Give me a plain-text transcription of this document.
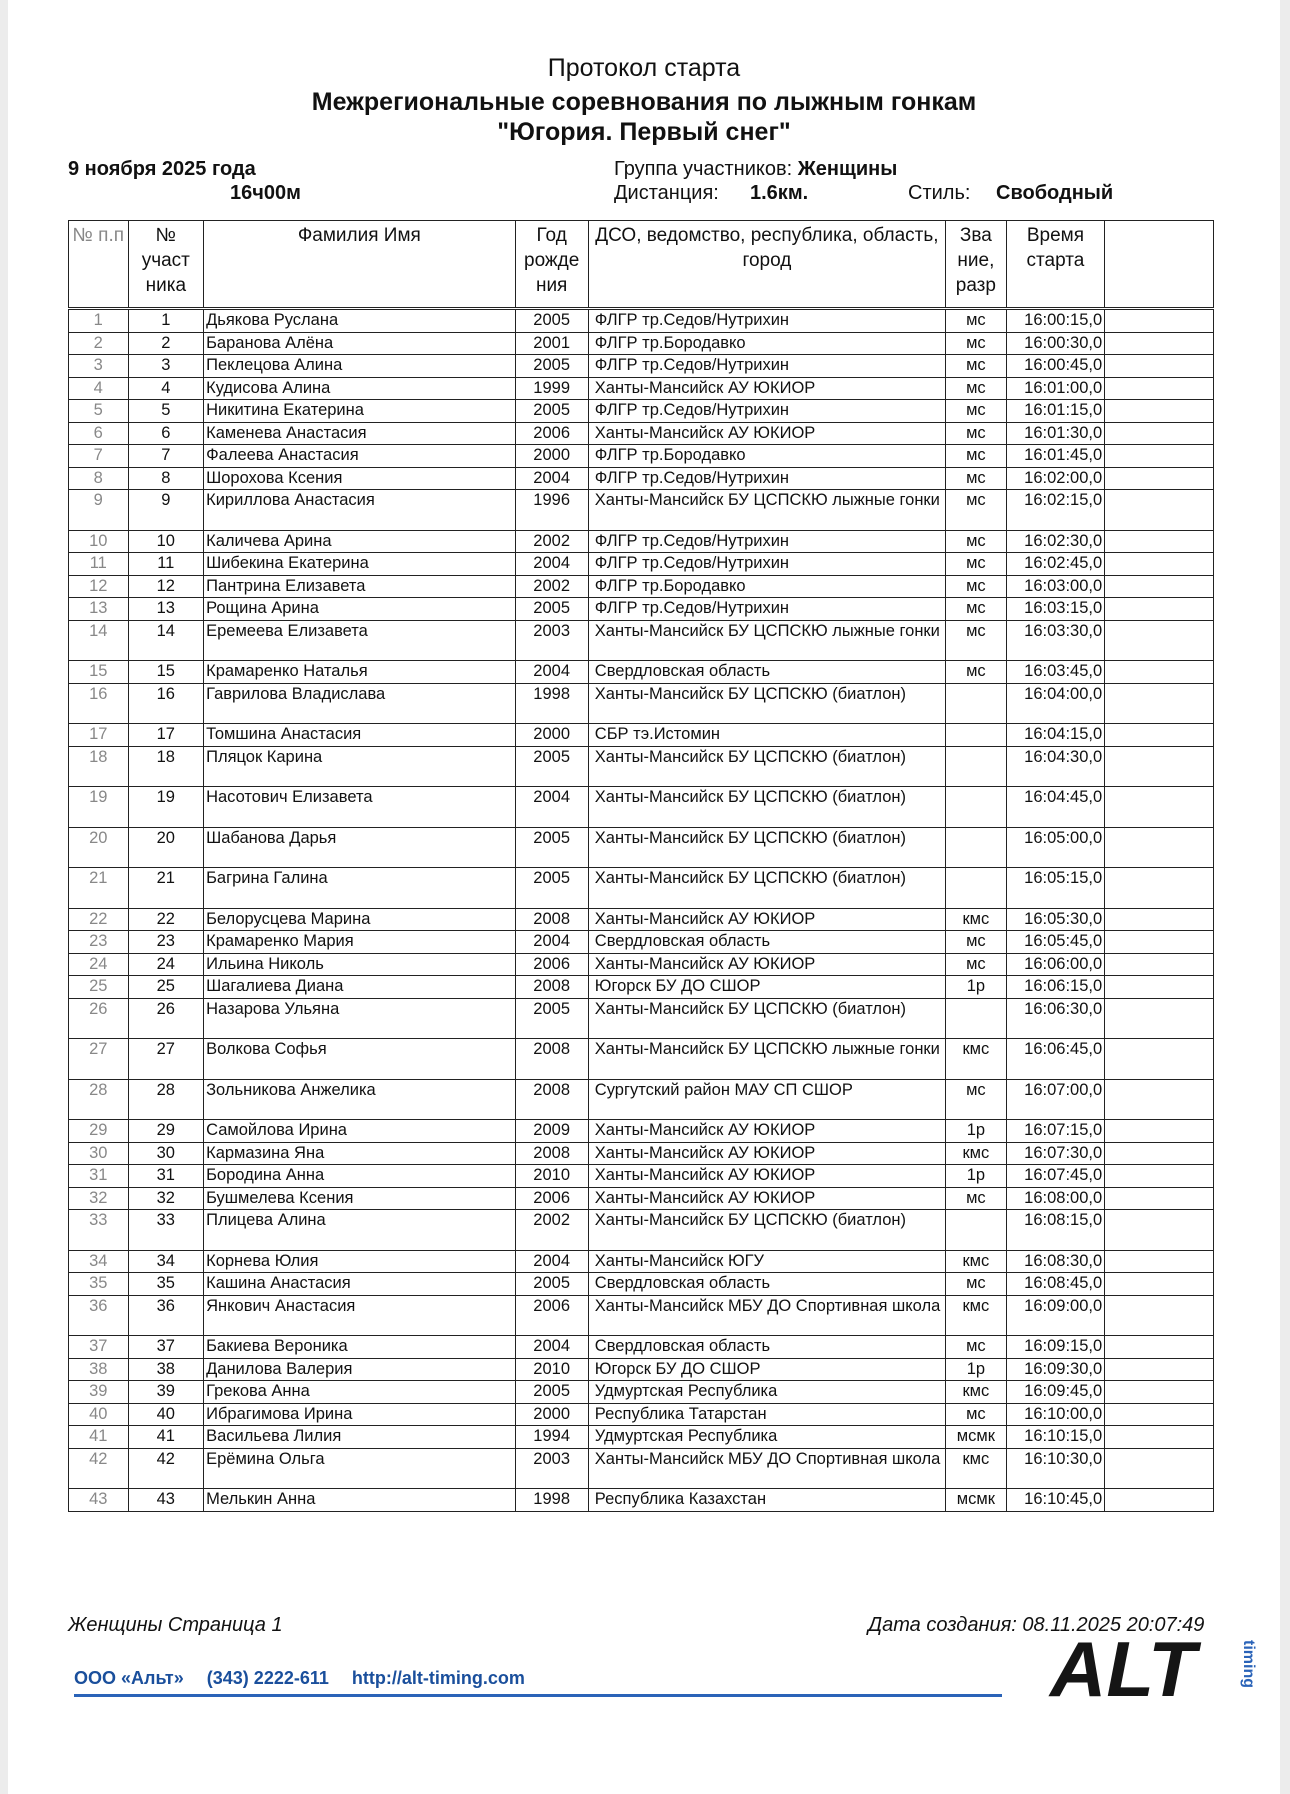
Протокол старта
Межрегиональные соревнования по лыжным гонкам
"Югория. Первый снег"
9 ноября 2025 года
16ч00м
Группа участников: Женщины
Дистанция: 1.6км.	Стиль: Свободный
№ п.п	№ участ ника	Фамилия Имя	Год рожде ния	ДСО, ведомство, республика, область, город	Зва ние, разр	Время старта	
1	1	Дьякова Руслана	2005	ФЛГР тр.Седов/Нутрихин	мс	16:00:15,0	
2	2	Баранова Алёна	2001	ФЛГР тр.Бородавко	мс	16:00:30,0	
3	3	Пеклецова Алина	2005	ФЛГР тр.Седов/Нутрихин	мс	16:00:45,0	
4	4	Кудисова Алина	1999	Ханты-Мансийск АУ ЮКИОР	мс	16:01:00,0	
5	5	Никитина Екатерина	2005	ФЛГР тр.Седов/Нутрихин	мс	16:01:15,0	
6	6	Каменева Анастасия	2006	Ханты-Мансийск АУ ЮКИОР	мс	16:01:30,0	
7	7	Фалеева Анастасия	2000	ФЛГР тр.Бородавко	мс	16:01:45,0	
8	8	Шорохова Ксения	2004	ФЛГР тр.Седов/Нутрихин	мс	16:02:00,0	
9	9	Кириллова Анастасия	1996	Ханты-Мансийск БУ ЦСПСКЮ лыжные гонки	мс	16:02:15,0	
10	10	Каличева Арина	2002	ФЛГР тр.Седов/Нутрихин	мс	16:02:30,0	
11	11	Шибекина Екатерина	2004	ФЛГР тр.Седов/Нутрихин	мс	16:02:45,0	
12	12	Пантрина Елизавета	2002	ФЛГР тр.Бородавко	мс	16:03:00,0	
13	13	Рощина Арина	2005	ФЛГР тр.Седов/Нутрихин	мс	16:03:15,0	
14	14	Еремеева Елизавета	2003	Ханты-Мансийск БУ ЦСПСКЮ лыжные гонки	мс	16:03:30,0	
15	15	Крамаренко Наталья	2004	Свердловская область	мс	16:03:45,0	
16	16	Гаврилова Владислава	1998	Ханты-Мансийск БУ ЦСПСКЮ (биатлон)		16:04:00,0	
17	17	Томшина Анастасия	2000	СБР тэ.Истомин		16:04:15,0	
18	18	Пляцок Карина	2005	Ханты-Мансийск БУ ЦСПСКЮ (биатлон)		16:04:30,0	
19	19	Насотович Елизавета	2004	Ханты-Мансийск БУ ЦСПСКЮ (биатлон)		16:04:45,0	
20	20	Шабанова Дарья	2005	Ханты-Мансийск БУ ЦСПСКЮ (биатлон)		16:05:00,0	
21	21	Багрина Галина	2005	Ханты-Мансийск БУ ЦСПСКЮ (биатлон)		16:05:15,0	
22	22	Белорусцева Марина	2008	Ханты-Мансийск АУ ЮКИОР	кмс	16:05:30,0	
23	23	Крамаренко Мария	2004	Свердловская область	мс	16:05:45,0	
24	24	Ильина Николь	2006	Ханты-Мансийск АУ ЮКИОР	мс	16:06:00,0	
25	25	Шагалиева Диана	2008	Югорск БУ ДО СШОР	1р	16:06:15,0	
26	26	Назарова Ульяна	2005	Ханты-Мансийск БУ ЦСПСКЮ (биатлон)		16:06:30,0	
27	27	Волкова Софья	2008	Ханты-Мансийск БУ ЦСПСКЮ лыжные гонки	кмс	16:06:45,0	
28	28	Зольникова Анжелика	2008	Сургутский район МАУ СП СШОР	мс	16:07:00,0	
29	29	Самойлова Ирина	2009	Ханты-Мансийск АУ ЮКИОР	1р	16:07:15,0	
30	30	Кармазина Яна	2008	Ханты-Мансийск АУ ЮКИОР	кмс	16:07:30,0	
31	31	Бородина Анна	2010	Ханты-Мансийск АУ ЮКИОР	1р	16:07:45,0	
32	32	Бушмелева Ксения	2006	Ханты-Мансийск АУ ЮКИОР	мс	16:08:00,0	
33	33	Плицева Алина	2002	Ханты-Мансийск БУ ЦСПСКЮ (биатлон)		16:08:15,0	
34	34	Корнева Юлия	2004	Ханты-Мансийск ЮГУ	кмс	16:08:30,0	
35	35	Кашина Анастасия	2005	Свердловская область	мс	16:08:45,0	
36	36	Янкович Анастасия	2006	Ханты-Мансийск МБУ ДО Спортивная школа	кмс	16:09:00,0	
37	37	Бакиева Вероника	2004	Свердловская область	мс	16:09:15,0	
38	38	Данилова Валерия	2010	Югорск БУ ДО СШОР	1р	16:09:30,0	
39	39	Грекова Анна	2005	Удмуртская Республика	кмс	16:09:45,0	
40	40	Ибрагимова Ирина	2000	Республика Татарстан	мс	16:10:00,0	
41	41	Васильева Лилия	1994	Удмуртская Республика	мсмк	16:10:15,0	
42	42	Ерёмина Ольга	2003	Ханты-Мансийск МБУ ДО Спортивная школа	кмс	16:10:30,0	
43	43	Мелькин Анна	1998	Республика Казахстан	мсмк	16:10:45,0	
Женщины Страница 1	Дата создания: 08.11.2025 20:07:49
ООО «Альт» (343) 2222-611 http://alt-timing.com	ALT	timing
